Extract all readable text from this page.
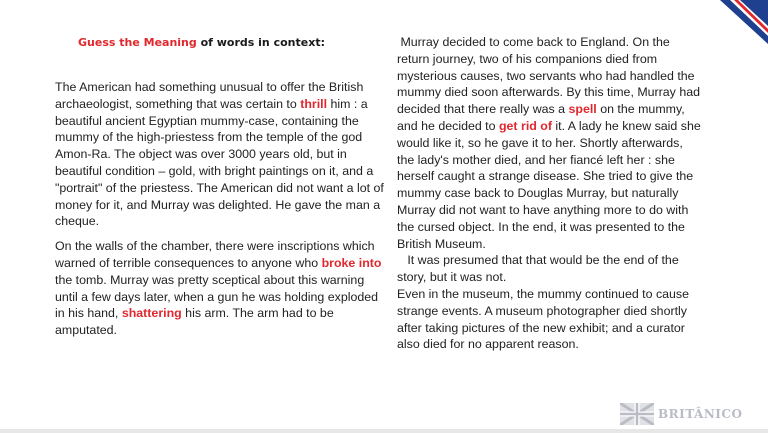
Guess the Meaning of words in context:

The American had something unusual to offer the British archaeologist, something that was certain to thrill him : a beautiful ancient Egyptian mummy-case, containing the mummy of the high-priestess from the temple of the god Amon-Ra. The object was over 3000 years old, but in beautiful condition – gold, with bright paintings on it, and a "portrait" of the priestess. The American did not want a lot of money for it, and Murray was delighted. He gave the man a cheque.

On the walls of the chamber, there were inscriptions which warned of terrible consequences to anyone who broke into the tomb. Murray was pretty sceptical about this warning until a few days later, when a gun he was holding exploded in his hand, shattering his arm. The arm had to be amputated.

Murray decided to come back to England. On the return journey, two of his companions died from mysterious causes, two servants who had handled the mummy died soon afterwards. By this time, Murray had decided that there really was a spell on the mummy, and he decided to get rid of it. A lady he knew said she would like it, so he gave it to her. Shortly afterwards, the lady's mother died, and her fiancé left her : she herself caught a strange disease. She tried to give the mummy case back to Douglas Murray, but naturally Murray did not want to have anything more to do with the cursed object. In the end, it was presented to the British Museum.

It was presumed that that would be the end of the story, but it was not.

Even in the museum, the mummy continued to cause strange events. A museum photographer died shortly after taking pictures of the new exhibit; and a curator also died for no apparent reason.

BRITÂNICO
